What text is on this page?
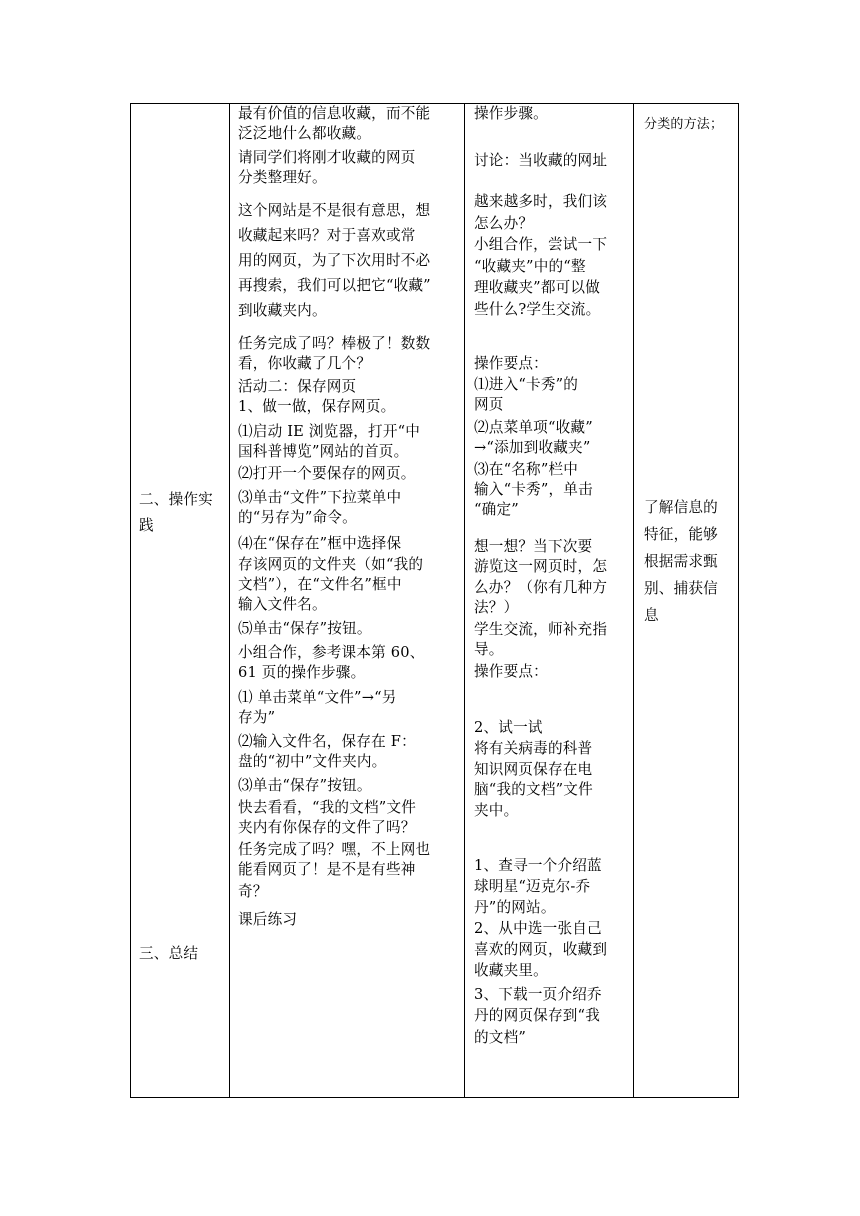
二、操作实
践
三、总结

最有价值的信息收藏，而不能
泛泛地什么都收藏。
请同学们将刚才收藏的网页
分类整理好。
这个网站是不是很有意思，想
收藏起来吗？对于喜欢或常
用的网页，为了下次用时不必
再搜索，我们可以把它“收藏”
到收藏夹内。
任务完成了吗？棒极了！数数
看，你收藏了几个？
活动二：保存网页
1、做一做，保存网页。
⑴启动 IE 浏览器，打开“中
国科普博览”网站的首页。
⑵打开一个要保存的网页。
⑶单击“文件”下拉菜单中
的“另存为”命令。
⑷在“保存在”框中选择保
存该网页的文件夹（如“我的
文档”），在“文件名”框中
输入文件名。
⑸单击“保存”按钮。
小组合作，参考课本第 60、
61 页的操作步骤。
⑴ 单击菜单“文件”→“另
存为”
⑵输入文件名，保存在 F：
盘的“初中”文件夹内。
⑶单击“保存”按钮。
快去看看，“我的文档”文件
夹内有你保存的文件了吗？
任务完成了吗？嘿，不上网也
能看网页了！是不是有些神
奇？
课后练习

操作步骤。
讨论：当收藏的网址
越来越多时，我们该
怎么办？
小组合作，尝试一下
“收藏夹”中的“整
理收藏夹”都可以做
些什么?学生交流。
操作要点：
⑴进入“卡秀”的
网页
⑵点菜单项“收藏”
→“添加到收藏夹”
⑶在“名称”栏中
输入“卡秀”，单击
“确定”
想一想？当下次要
游览这一网页时，怎
么办？（你有几种方
法？）
学生交流，师补充指
导。
操作要点：
2、试一试
将有关病毒的科普
知识网页保存在电
脑“我的文档”文件
夹中。
1、查寻一个介绍蓝
球明星“迈克尔-乔
丹”的网站。
2、从中选一张自己
喜欢的网页，收藏到
收藏夹里。
3、下载一页介绍乔
丹的网页保存到“我
的文档”

分类的方法；
了解信息的
特征，能够
根据需求甄
别、捕获信
息
